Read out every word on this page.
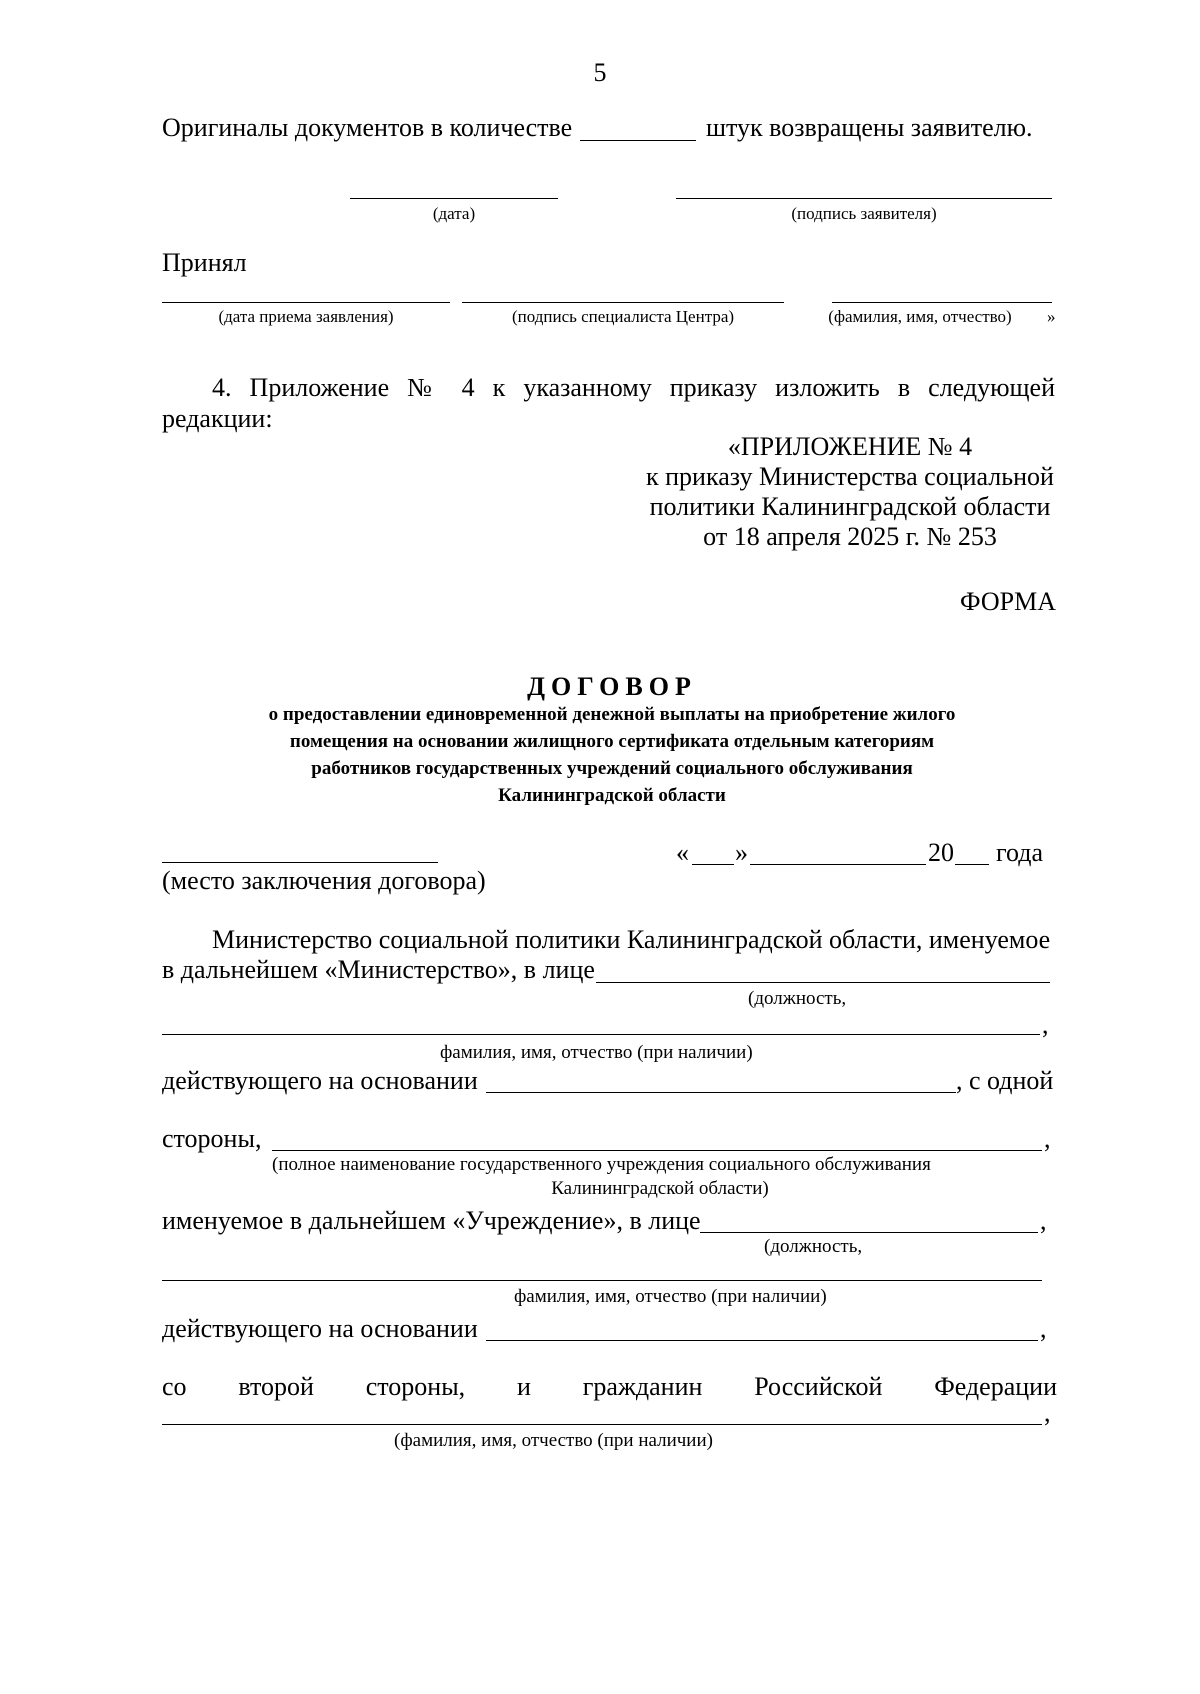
5
Оригиналы документов в количестве	штук возвращены заявителю.
(дата)	(подпись заявителя)
Принял
(дата приема заявления)	(подпись специалиста Центра)	(фамилия, имя, отчество)	»
4. Приложение № 4 к указанному приказу изложить в следующей
редакции:
«ПРИЛОЖЕНИЕ № 4
к приказу Министерства социальной
политики Калининградской области
от 18 апреля 2025 г. № 253
ФОРМА
ДОГОВОР
о предоставлении единовременной денежной выплаты на приобретение жилого
помещения на основании жилищного сертификата отдельным категориям
работников государственных учреждений социального обслуживания
Калининградской области
(место заключения договора)
« »	20 года
Министерство социальной политики Калининградской области, именуемое
в дальнейшем «Министерство», в лице
(должность,
,
фамилия, имя, отчество (при наличии)
действующего на основании	, с одной
стороны,	,
(полное наименование государственного учреждения социального обслуживания
Калининградской области)
именуемое в дальнейшем «Учреждение», в лице	,
(должность,
фамилия, имя, отчество (при наличии)
действующего на основании	,
со второй стороны, и гражданин Российской Федерации
,
(фамилия, имя, отчество (при наличии)
